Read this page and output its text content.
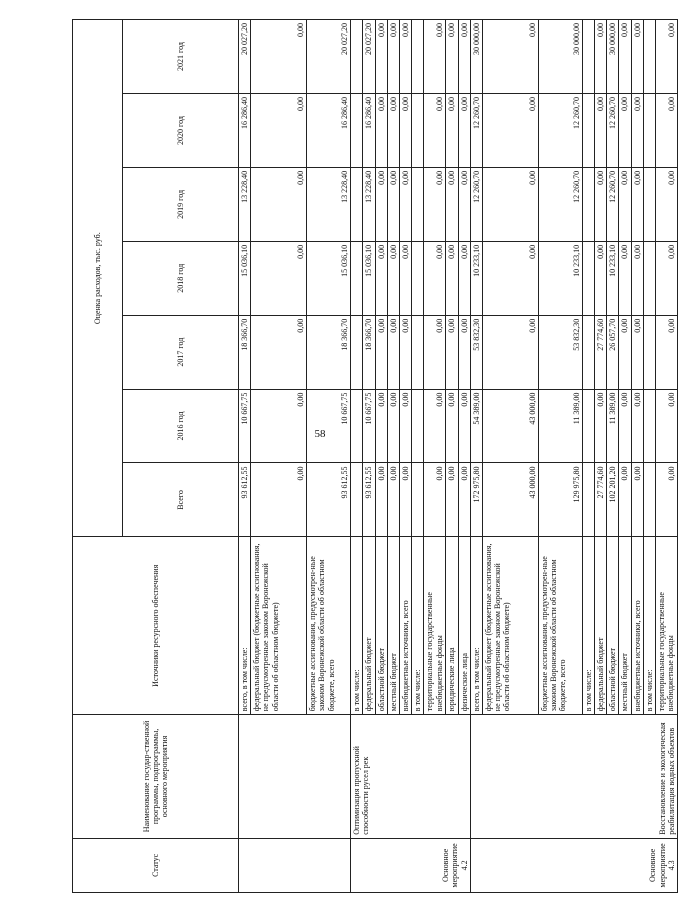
58
Статус	Наименование государ-ственной программы, подпрограммы, основного мероприятия	Источники ресурсного обеспечения	Оценка расходов, тыс. руб.						
			Всего	2016 год	2017 год	2018 год	2019 год	2020 год	2021 год
		всего, в том числе:	93 612,55	10 667,75	18 366,70	15 036,10	13 228,40	16 286,40	20 027,20
		федеральный бюджет (бюджетные ассигнования, не предусмотренные законом Воронежской области об областном бюджете)	0,00	0,00	0,00	0,00	0,00	0,00	0,00
		бюджетные ассигнования, предусмотрен-ные законом Воронежской области об областном бюджете, всего	93 612,55	10 667,75	18 366,70	15 036,10	13 228,40	16 286,40	20 027,20
Основное мероприятие 4.2	Оптимизация пропускной способности русел рек	в том числе:							
		федеральный бюджет	93 612,55	10 667,75	18 366,70	15 036,10	13 228,40	16 286,40	20 027,20
		областной бюджет	0,00	0,00	0,00	0,00	0,00	0,00	0,00
		местный бюджет	0,00	0,00	0,00	0,00	0,00	0,00	0,00
		внебюджетные источники, всего	0,00	0,00	0,00	0,00	0,00	0,00	0,00
		в том числе:							
		территориальные государственные внебюджетные фонды	0,00	0,00	0,00	0,00	0,00	0,00	0,00
		юридические лица	0,00	0,00	0,00	0,00	0,00	0,00	0,00
		физические лица	0,00	0,00	0,00	0,00	0,00	0,00	0,00
Основное мероприятие 4.3	Восстановление и экологическая реабилитация водных объектов	всего, в том числе:	172 975,80	54 389,00	53 832,30	10 233,10	12 260,70	12 260,70	30 000,00
		федеральный бюджет (бюджетные ассигнования, не предусмотренные законом Воронежской области об областном бюджете)	43 000,00	43 000,00	0,00	0,00	0,00	0,00	0,00
		бюджетные ассигнования, предусмотрен-ные законом Воронежской области об областном бюджете, всего	129 975,80	11 389,00	53 832,30	10 233,10	12 260,70	12 260,70	30 000,00
		в том числе:							
		федеральный бюджет	27 774,60	0,00	27 774,60	0,00	0,00	0,00	0,00
		областной бюджет	102 201,20	11 389,00	26 057,70	10 233,10	12 260,70	12 260,70	30 000,00
		местный бюджет	0,00	0,00	0,00	0,00	0,00	0,00	0,00
		внебюджетные источники, всего	0,00	0,00	0,00	0,00	0,00	0,00	0,00
		в том числе:							
		территориальные государственные внебюджетные фонды	0,00	0,00	0,00	0,00	0,00	0,00	0,00
